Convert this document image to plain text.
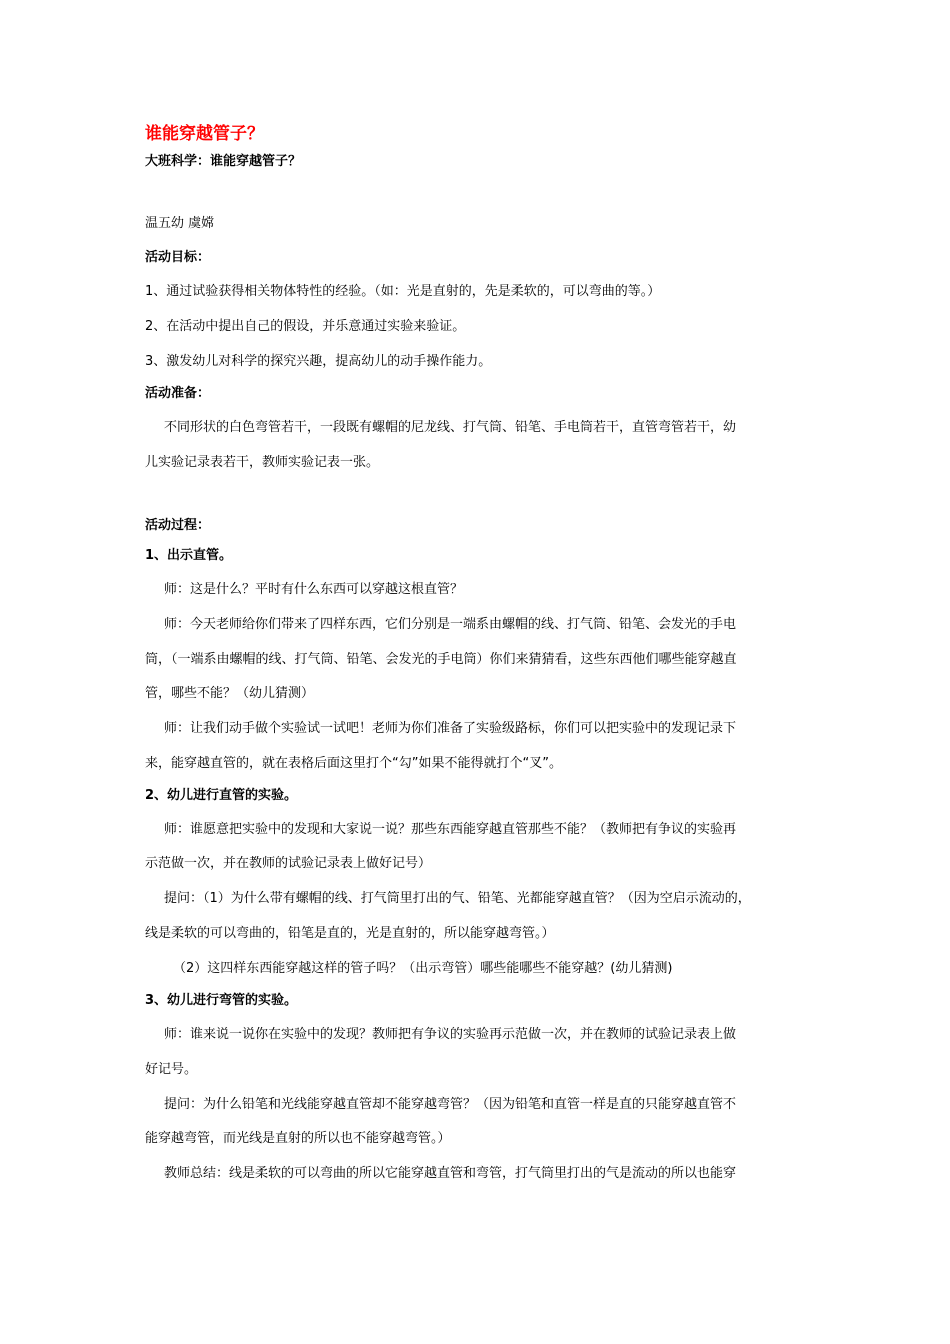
谁能穿越管子？

大班科学：谁能穿越管子？

温五幼 虞嫦

活动目标：

1、通过试验获得相关物体特性的经验。（如：光是直射的，先是柔软的，可以弯曲的等。）

2、在活动中提出自己的假设，并乐意通过实验来验证。

3、激发幼儿对科学的探究兴趣，提高幼儿的动手操作能力。

活动准备：

不同形状的白色弯管若干，一段既有螺帽的尼龙线、打气筒、铅笔、手电筒若干，直管弯管若干，幼

儿实验记录表若干，教师实验记表一张。

活动过程：

1、出示直管。

师：这是什么？平时有什么东西可以穿越这根直管？

师：今天老师给你们带来了四样东西，它们分别是一端系由螺帽的线、打气筒、铅笔、会发光的手电

筒，（一端系由螺帽的线、打气筒、铅笔、会发光的手电筒）你们来猜猜看，这些东西他们哪些能穿越直

管，哪些不能？（幼儿猜测）

师：让我们动手做个实验试一试吧！老师为你们准备了实验级路标，你们可以把实验中的发现记录下

来，能穿越直管的，就在表格后面这里打个“勾”如果不能得就打个“叉”。

2、幼儿进行直管的实验。

师：谁愿意把实验中的发现和大家说一说？那些东西能穿越直管那些不能？（教师把有争议的实验再

示范做一次，并在教师的试验记录表上做好记号）

提问：（1）为什么带有螺帽的线、打气筒里打出的气、铅笔、光都能穿越直管？（因为空启示流动的，

线是柔软的可以弯曲的，铅笔是直的，光是直射的，所以能穿越弯管。）

（2）这四样东西能穿越这样的管子吗？（出示弯管）哪些能哪些不能穿越？(幼儿猜测)

3、幼儿进行弯管的实验。

师：谁来说一说你在实验中的发现？教师把有争议的实验再示范做一次，并在教师的试验记录表上做

好记号。

提问：为什么铅笔和光线能穿越直管却不能穿越弯管？（因为铅笔和直管一样是直的只能穿越直管不

能穿越弯管，而光线是直射的所以也不能穿越弯管。）

教师总结：线是柔软的可以弯曲的所以它能穿越直管和弯管，打气筒里打出的气是流动的所以也能穿
